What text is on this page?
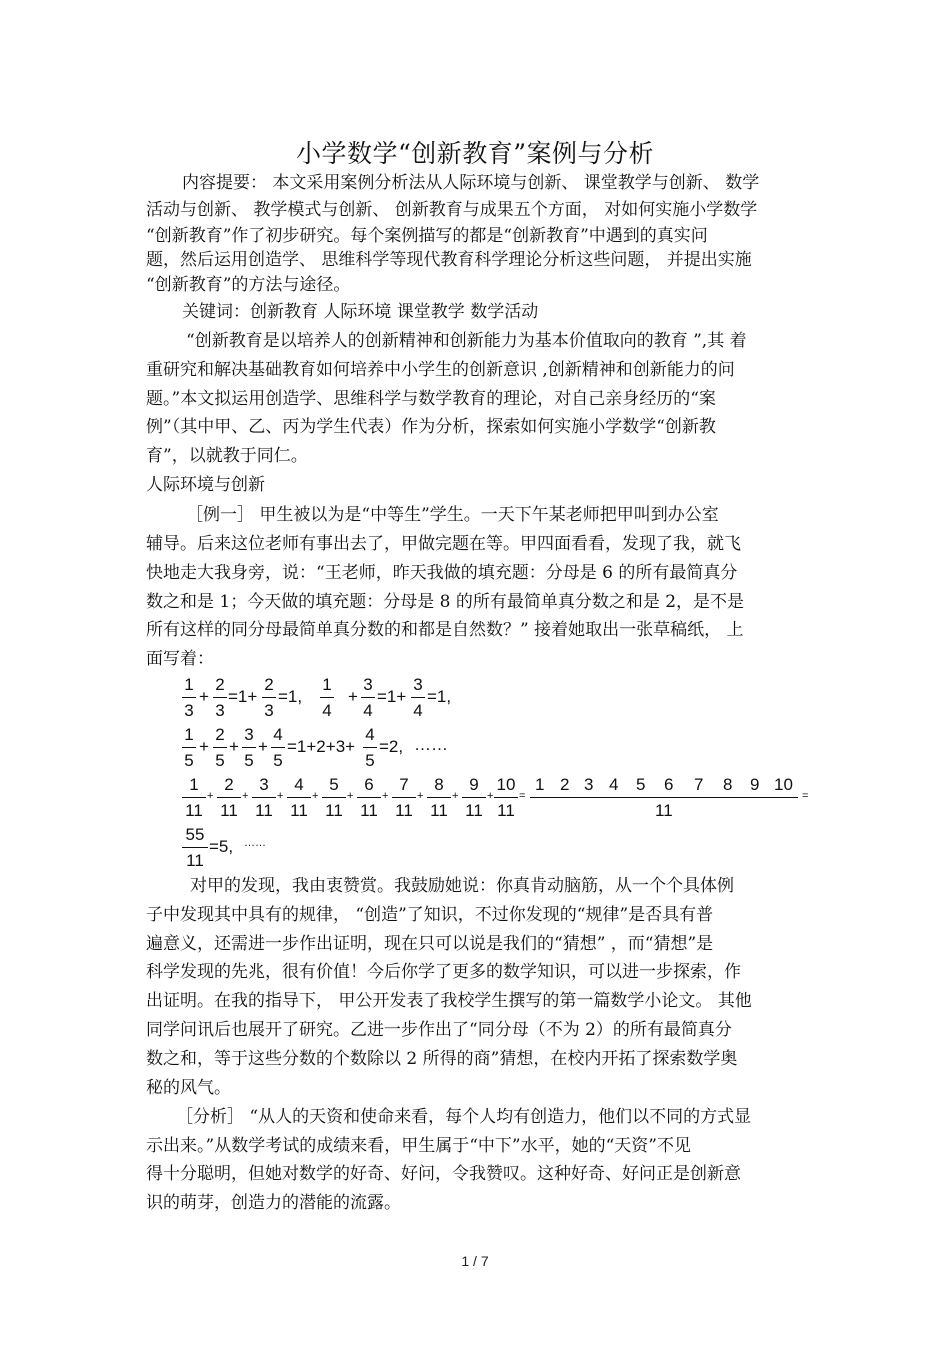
小学数学“创新教育”案例与分析
内容提要： 本文采用案例分析法从人际环境与创新、 课堂教学与创新、 数学
活动与创新、 教学模式与创新、 创新教育与成果五个方面， 对如何实施小学数学
“创新教育”作了初步研究。每个案例描写的都是“创新教育”中遇到的真实问
题，然后运用创造学、 思维科学等现代教育科学理论分析这些问题， 并提出实施
“创新教育”的方法与途径。
关键词：创新教育 人际环境 课堂教学 数学活动
“创新教育是以培养人的创新精神和创新能力为基本价值取向的教育 ”,其 着
重研究和解决基础教育如何培养中小学生的创新意识 ,创新精神和创新能力的问
题。”本文拟运用创造学、思维科学与数学教育的理论，对自己亲身经历的“案
例”（其中甲、乙、丙为学生代表）作为分析，探索如何实施小学数学“创新教
育”，以就教于同仁。
人际环境与创新
［例一］ 甲生被以为是“中等生”学生。一天下午某老师把甲叫到办公室
辅导。后来这位老师有事出去了，甲做完题在等。甲四面看看，发现了我，就飞
快地走大我身旁，说：“王老师，昨天我做的填充题：分母是 6 的所有最简真分
数之和是 1；今天做的填充题：分母是 8 的所有最简单真分数之和是 2，是不是
所有这样的同分母最简单真分数的和都是自然数？” 接着她取出一张草稿纸， 上
面写着：
1
3
+
2
3
=1+
2
3
=1,
1
4
+
3
4
=1+
3
4
=1,
1
5
+
2
5
+
3
5
+
4
5
=1+2+3+
4
5
=2, ……
1
11
+
2
11
+
3
11
+
4
11
+
5
11
+
6
11
+
7
11
+
8
11
+
9
11
+
10
11
=
1 2 3 4 5 6 7 8 9 10
11
=
55
11
=5, ……
对甲的发现，我由衷赞赏。我鼓励她说：你真肯动脑筋，从一个个具体例
子中发现其中具有的规律， “创造”了知识，不过你发现的“规律”是否具有普
遍意义，还需进一步作出证明，现在只可以说是我们的“猜想” ，而“猜想”是
科学发现的先兆，很有价值！今后你学了更多的数学知识，可以进一步探索，作
出证明。在我的指导下， 甲公开发表了我校学生撰写的第一篇数学小论文。 其他
同学问讯后也展开了研究。乙进一步作出了“同分母（不为 2）的所有最简真分
数之和，等于这些分数的个数除以 2 所得的商”猜想，在校内开拓了探索数学奥
秘的风气。
［分析］ “从人的天资和使命来看，每个人均有创造力，他们以不同的方式显
示出来。”从数学考试的成绩来看，甲生属于“中下”水平，她的“天资”不见
得十分聪明，但她对数学的好奇、好问，令我赞叹。这种好奇、好问正是创新意
识的萌芽，创造力的潜能的流露。
1 / 7
